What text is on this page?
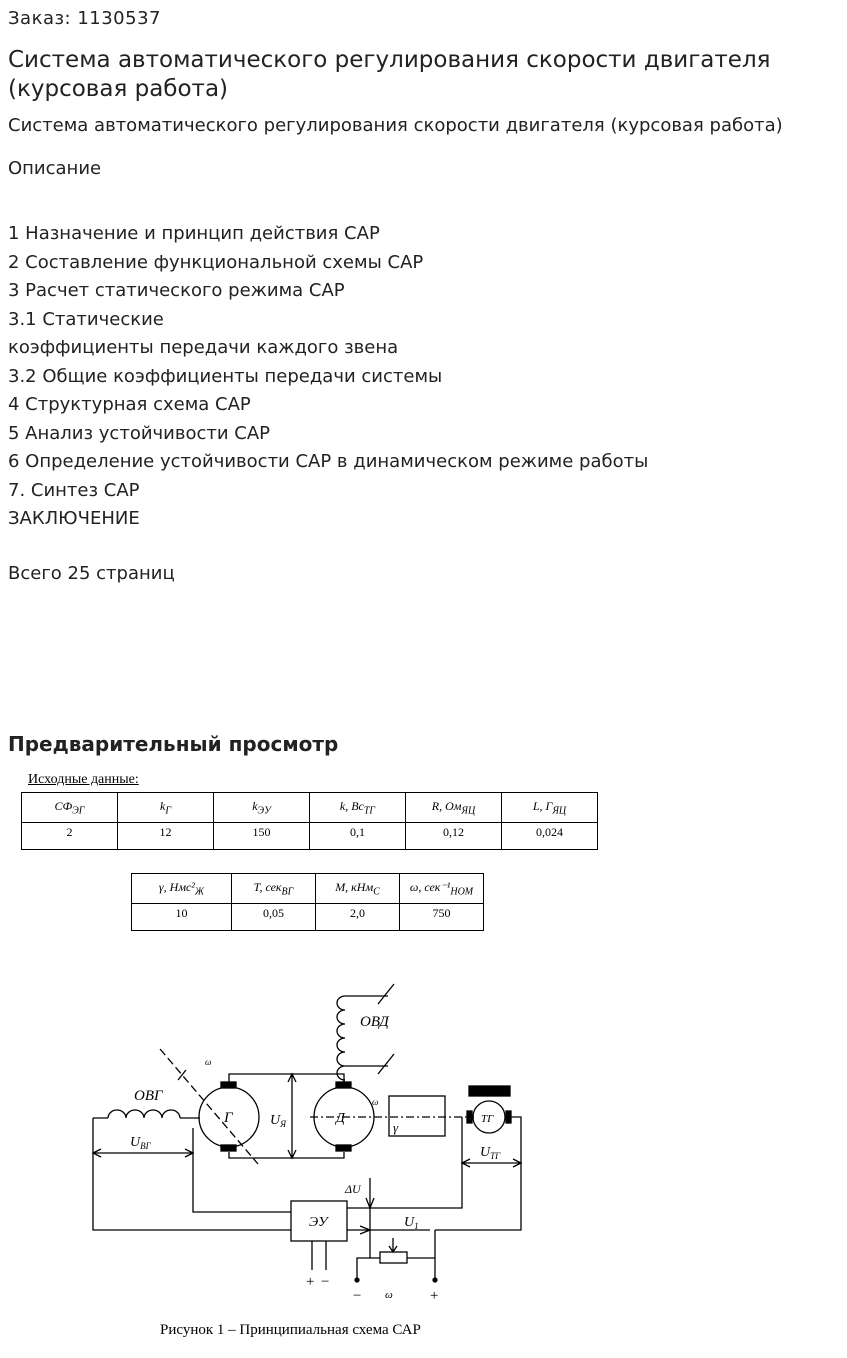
Заказ: 1130537
Система автоматического регулирования скорости двигателя (курсовая работа)
Система автоматического регулирования скорости двигателя (курсовая работа)
Описание
1 Назначение и принцип действия САР
2 Составление функциональной схемы САР
3 Расчет статического режима САР
3.1 Статические
коэффициенты передачи каждого звена
3.2 Общие коэффициенты передачи системы
4 Структурная схема САР
5 Анализ устойчивости САР
6 Определение устойчивости САР в динамическом режиме работы
7. Синтез САР
ЗАКЛЮЧЕНИЕ
Всего 25 страниц
Предварительный просмотр
Исходные данные:
$СФ_{ЭГ}$	$k_Г$	$k_{ЭУ}$	k, $Вс_{ТГ}$	R, $Ом_{ЯЦ}$	L, $Г_{ЯЦ}$
2	12	150	0,1	0,12	0,024
γ, $Нмс^2_Ж$	T, сек$_{ВГ}$	M, кНм$_С$	ω, $сек^{-1}_{НОМ}$
10	0,05	2,0	750
ОВД
ОВГ
ω
Г	Д
$U_Я$	γ
ω
ТГ
$U_{ВГ}$	$U_{ТГ}$
ЭУ
ΔU
$U_1$
+ −
−	+
ω
Рисунок 1 – Принципиальная схема САР
